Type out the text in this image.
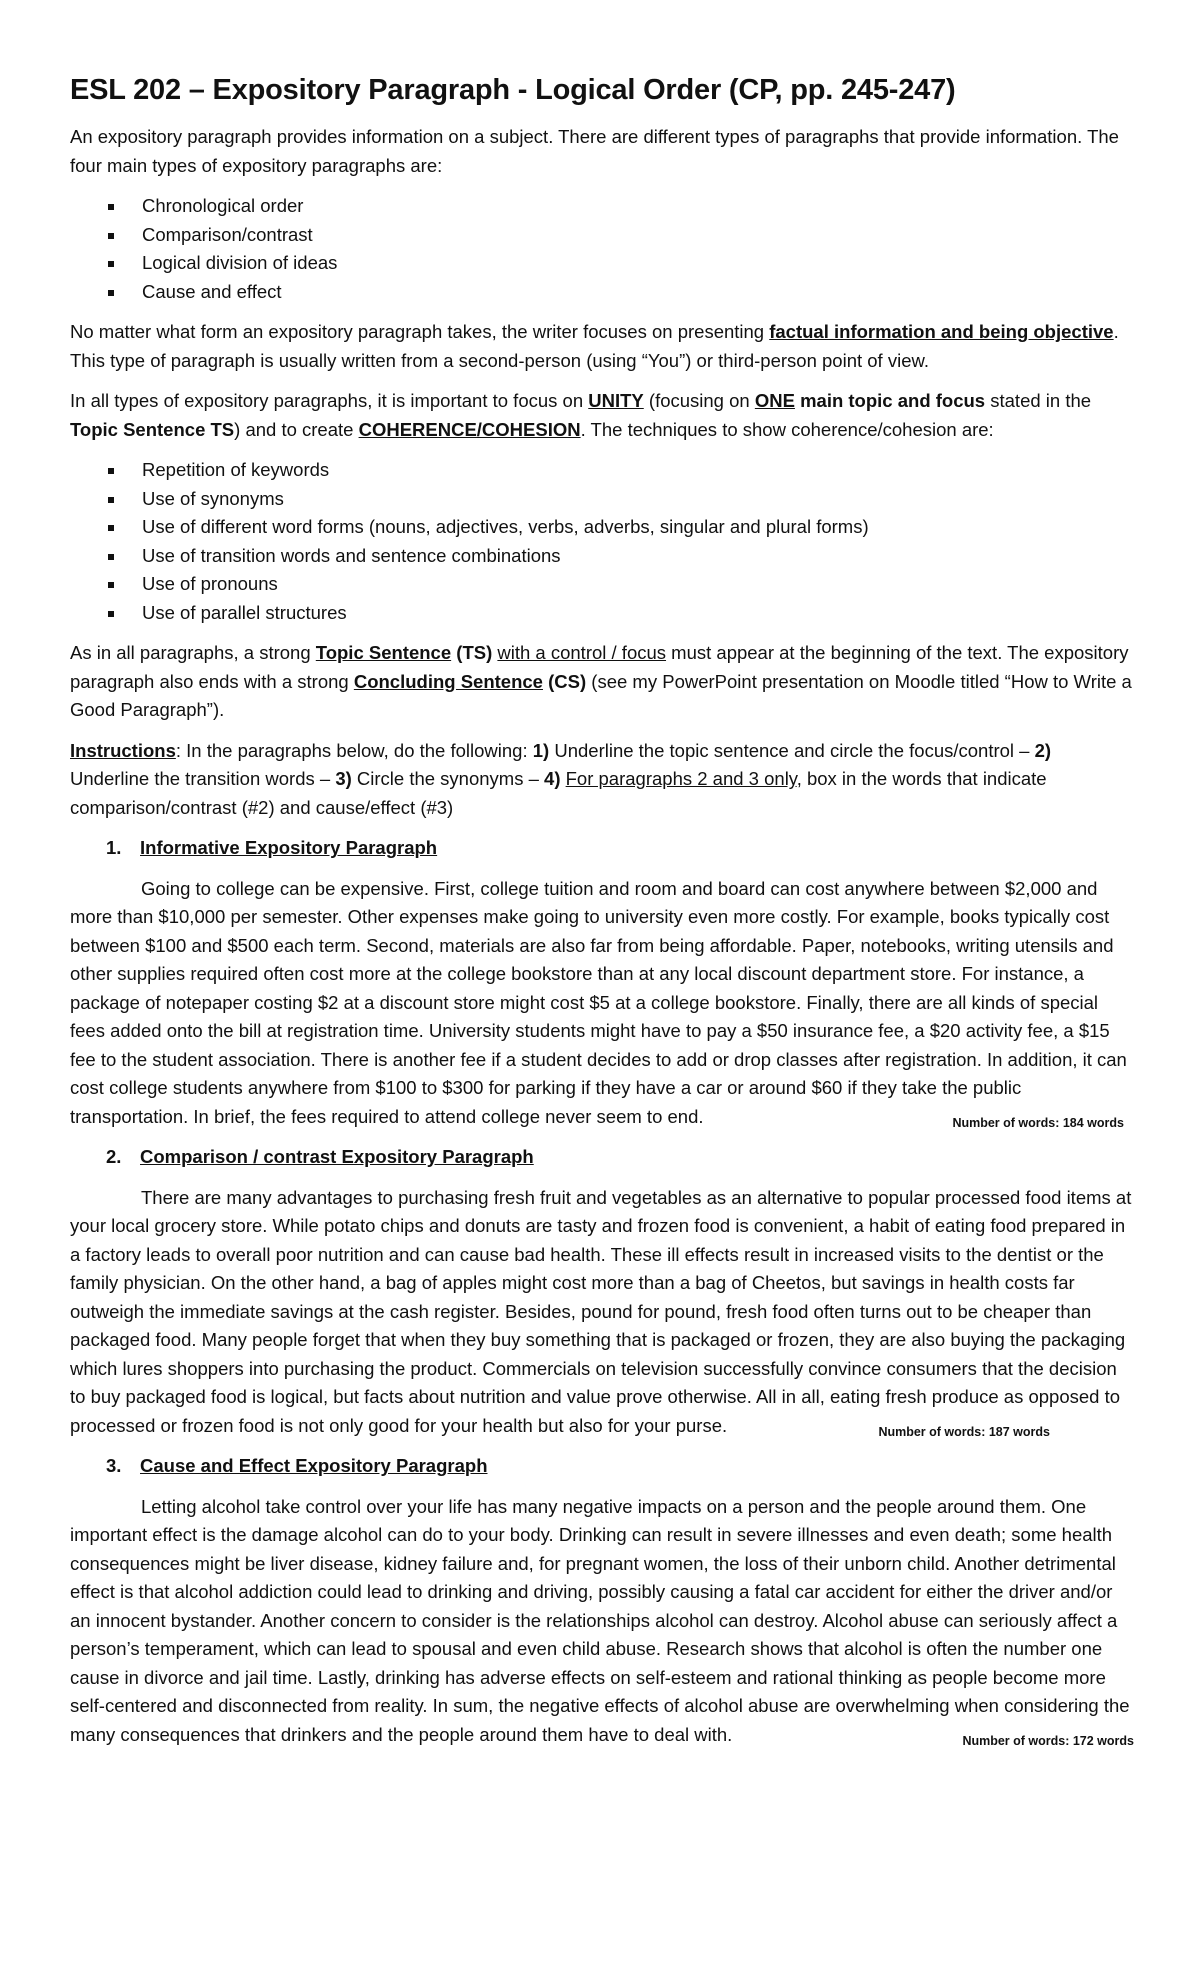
ESL 202 – Expository Paragraph - Logical Order (CP, pp. 245-247)

An expository paragraph provides information on a subject. There are different types of paragraphs that provide information. The four main types of expository paragraphs are:

Chronological order
Comparison/contrast
Logical division of ideas
Cause and effect

No matter what form an expository paragraph takes, the writer focuses on presenting factual information and being objective. This type of paragraph is usually written from a second-person (using “You”) or third-person point of view.

In all types of expository paragraphs, it is important to focus on UNITY (focusing on ONE main topic and focus stated in the Topic Sentence TS) and to create COHERENCE/COHESION. The techniques to show coherence/cohesion are:

Repetition of keywords
Use of synonyms
Use of different word forms (nouns, adjectives, verbs, adverbs, singular and plural forms)
Use of transition words and sentence combinations
Use of pronouns
Use of parallel structures

As in all paragraphs, a strong Topic Sentence (TS) with a control / focus must appear at the beginning of the text. The expository paragraph also ends with a strong Concluding Sentence (CS) (see my PowerPoint presentation on Moodle titled “How to Write a Good Paragraph”).

Instructions: In the paragraphs below, do the following: 1) Underline the topic sentence and circle the focus/control – 2) Underline the transition words – 3) Circle the synonyms – 4) For paragraphs 2 and 3 only, box in the words that indicate comparison/contrast (#2) and cause/effect (#3)

1.	Informative Expository Paragraph

Going to college can be expensive. First, college tuition and room and board can cost anywhere between $2,000 and more than $10,000 per semester. Other expenses make going to university even more costly. For example, books typically cost between $100 and $500 each term. Second, materials are also far from being affordable. Paper, notebooks, writing utensils and other supplies required often cost more at the college bookstore than at any local discount department store. For instance, a package of notepaper costing $2 at a discount store might cost $5 at a college bookstore. Finally, there are all kinds of special fees added onto the bill at registration time. University students might have to pay a $50 insurance fee, a $20 activity fee, a $15 fee to the student association. There is another fee if a student decides to add or drop classes after registration. In addition, it can cost college students anywhere from $100 to $300 for parking if they have a car or around $60 if they take the public transportation. In brief, the fees required to attend college never seem to end.	Number of words: 184 words

2.	Comparison / contrast Expository Paragraph

There are many advantages to purchasing fresh fruit and vegetables as an alternative to popular processed food items at your local grocery store. While potato chips and donuts are tasty and frozen food is convenient, a habit of eating food prepared in a factory leads to overall poor nutrition and can cause bad health. These ill effects result in increased visits to the dentist or the family physician. On the other hand, a bag of apples might cost more than a bag of Cheetos, but savings in health costs far outweigh the immediate savings at the cash register. Besides, pound for pound, fresh food often turns out to be cheaper than packaged food. Many people forget that when they buy something that is packaged or frozen, they are also buying the packaging which lures shoppers into purchasing the product. Commercials on television successfully convince consumers that the decision to buy packaged food is logical, but facts about nutrition and value prove otherwise. All in all, eating fresh produce as opposed to processed or frozen food is not only good for your health but also for your purse.	Number of words: 187 words

3.	Cause and Effect Expository Paragraph

Letting alcohol take control over your life has many negative impacts on a person and the people around them. One important effect is the damage alcohol can do to your body. Drinking can result in severe illnesses and even death; some health consequences might be liver disease, kidney failure and, for pregnant women, the loss of their unborn child. Another detrimental effect is that alcohol addiction could lead to drinking and driving, possibly causing a fatal car accident for either the driver and/or an innocent bystander. Another concern to consider is the relationships alcohol can destroy. Alcohol abuse can seriously affect a person’s temperament, which can lead to spousal and even child abuse. Research shows that alcohol is often the number one cause in divorce and jail time. Lastly, drinking has adverse effects on self-esteem and rational thinking as people become more self-centered and disconnected from reality. In sum, the negative effects of alcohol abuse are overwhelming when considering the many consequences that drinkers and the people around them have to deal with.	Number of words: 172 words
